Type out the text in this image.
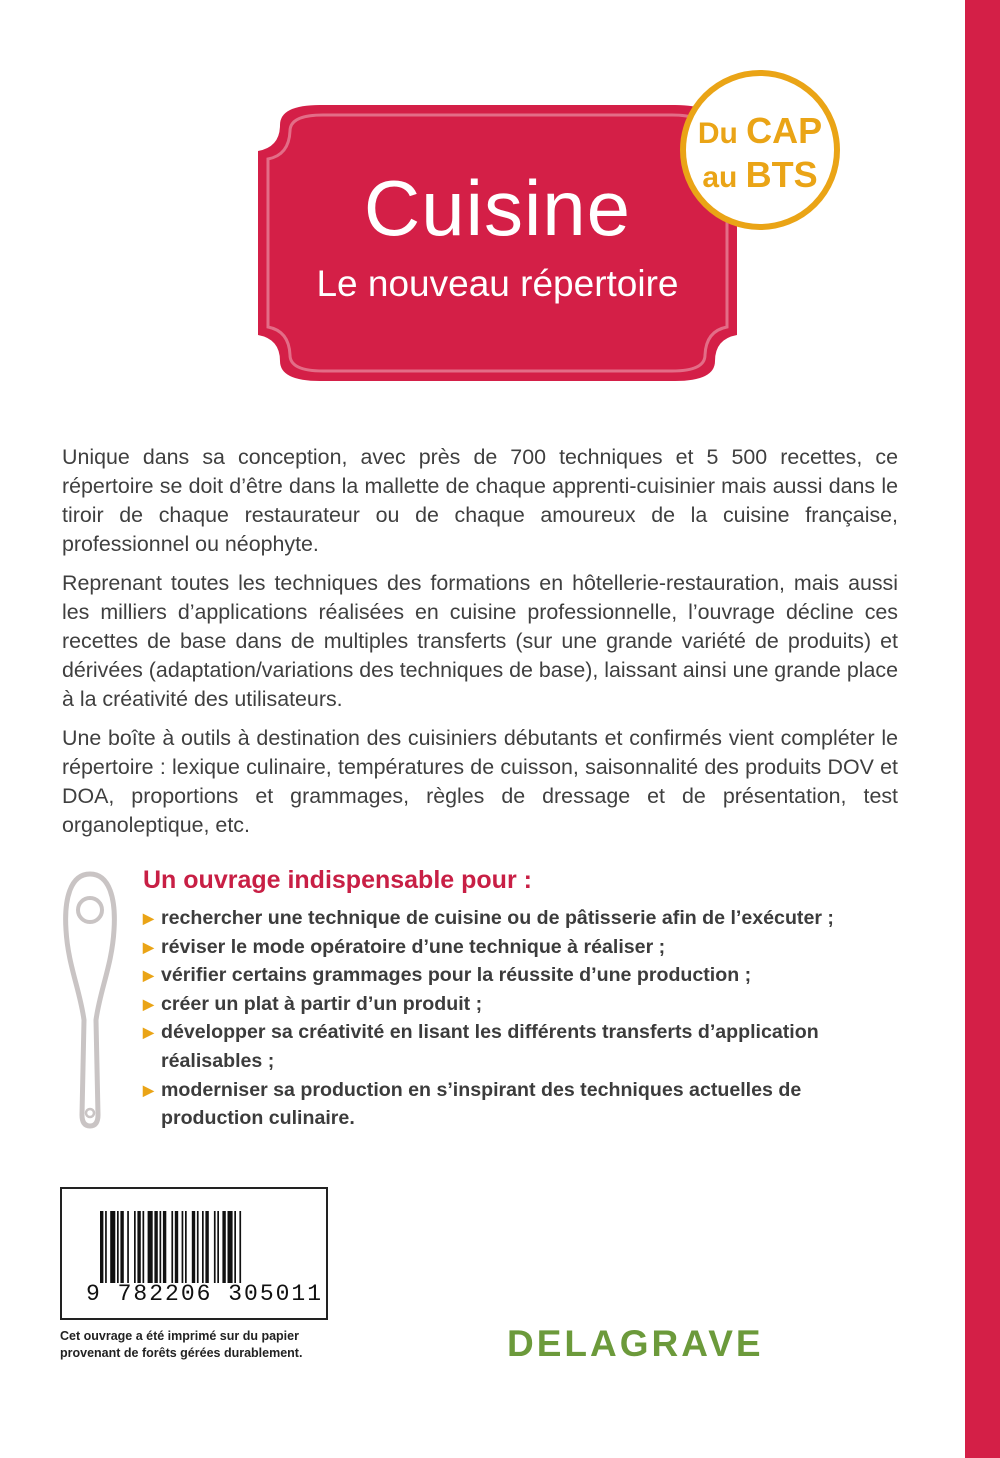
Cuisine
Le nouveau répertoire
Du CAP
au BTS

Unique dans sa conception, avec près de 700 techniques et 5 500 recettes, ce répertoire se doit d’être dans la mallette de chaque apprenti-cuisinier mais aussi dans le tiroir de chaque restaurateur ou de chaque amoureux de la cuisine française, professionnel ou néophyte.

Reprenant toutes les techniques des formations en hôtellerie-restauration, mais aussi les milliers d’applications réalisées en cuisine professionnelle, l’ouvrage décline ces recettes de base dans de multiples transferts (sur une grande variété de produits) et dérivées (adaptation/variations des techniques de base), laissant ainsi une grande place à la créativité des utilisateurs.

Une boîte à outils à destination des cuisiniers débutants et confirmés vient compléter le répertoire : lexique culinaire, températures de cuisson, saisonnalité des produits DOV et DOA, proportions et grammages, règles de dressage et de présentation, test organoleptique, etc.

Un ouvrage indispensable pour :
▶ rechercher une technique de cuisine ou de pâtisserie afin de l’exécuter ;
▶ réviser le mode opératoire d’une technique à réaliser ;
▶ vérifier certains grammages pour la réussite d’une production ;
▶ créer un plat à partir d’un produit ;
▶ développer sa créativité en lisant les différents transferts d’application réalisables ;
▶ moderniser sa production en s’inspirant des techniques actuelles de production culinaire.
9 782206 305011
Cet ouvrage a été imprimé sur du papier provenant de forêts gérées durablement.	DELAGRAVE
